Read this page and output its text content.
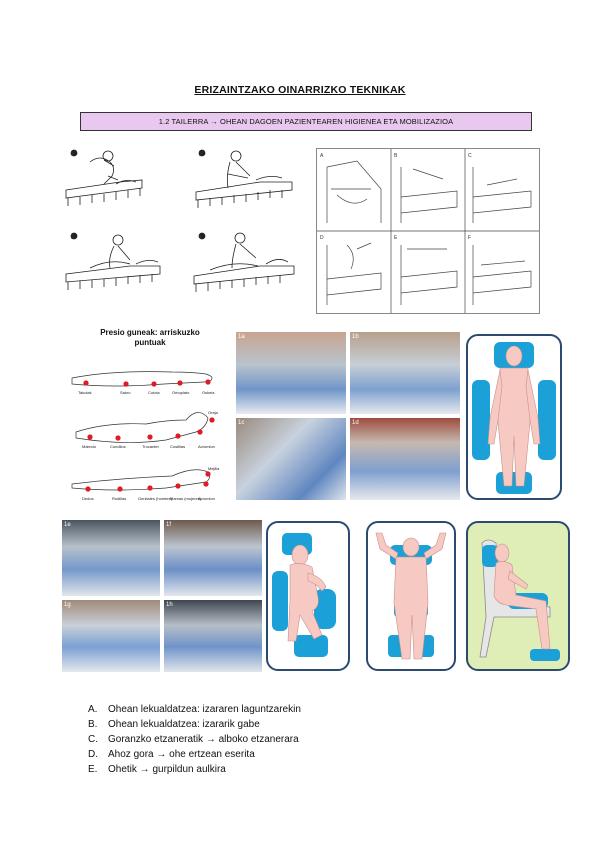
ERIZAINTZAKO OINARRIZKO TEKNIKAK
1.2 TAILERRA → OHEAN DAGOEN PAZIENTEAREN HIGIENEA ETA MOBILIZAZIOA
1	2
3	4
A	B	C
D	E	F
Presio guneak: arriskuzko puntuak
Takoiak	Sakro	Cotoia	Omoplato	Oskeia
Maleolo	Condilos	Trocanter	Costillas	Acromion
Oreja
Dedos	Rodillas	Genitales (hombre)
Mamas (mujeres)
Acromion
Mejilla
1a	1b
1c	1d
1e	1f
1g	1h
A.	Ohean lekualdatzea: izararen laguntzarekin
B.	Ohean lekualdatzea: izararik gabe
C.	Goranzko etzaneratik → alboko etzanerara
D.	Ahoz gora → ohe ertzean eserita
E.	Ohetik → gurpildun aulkira
